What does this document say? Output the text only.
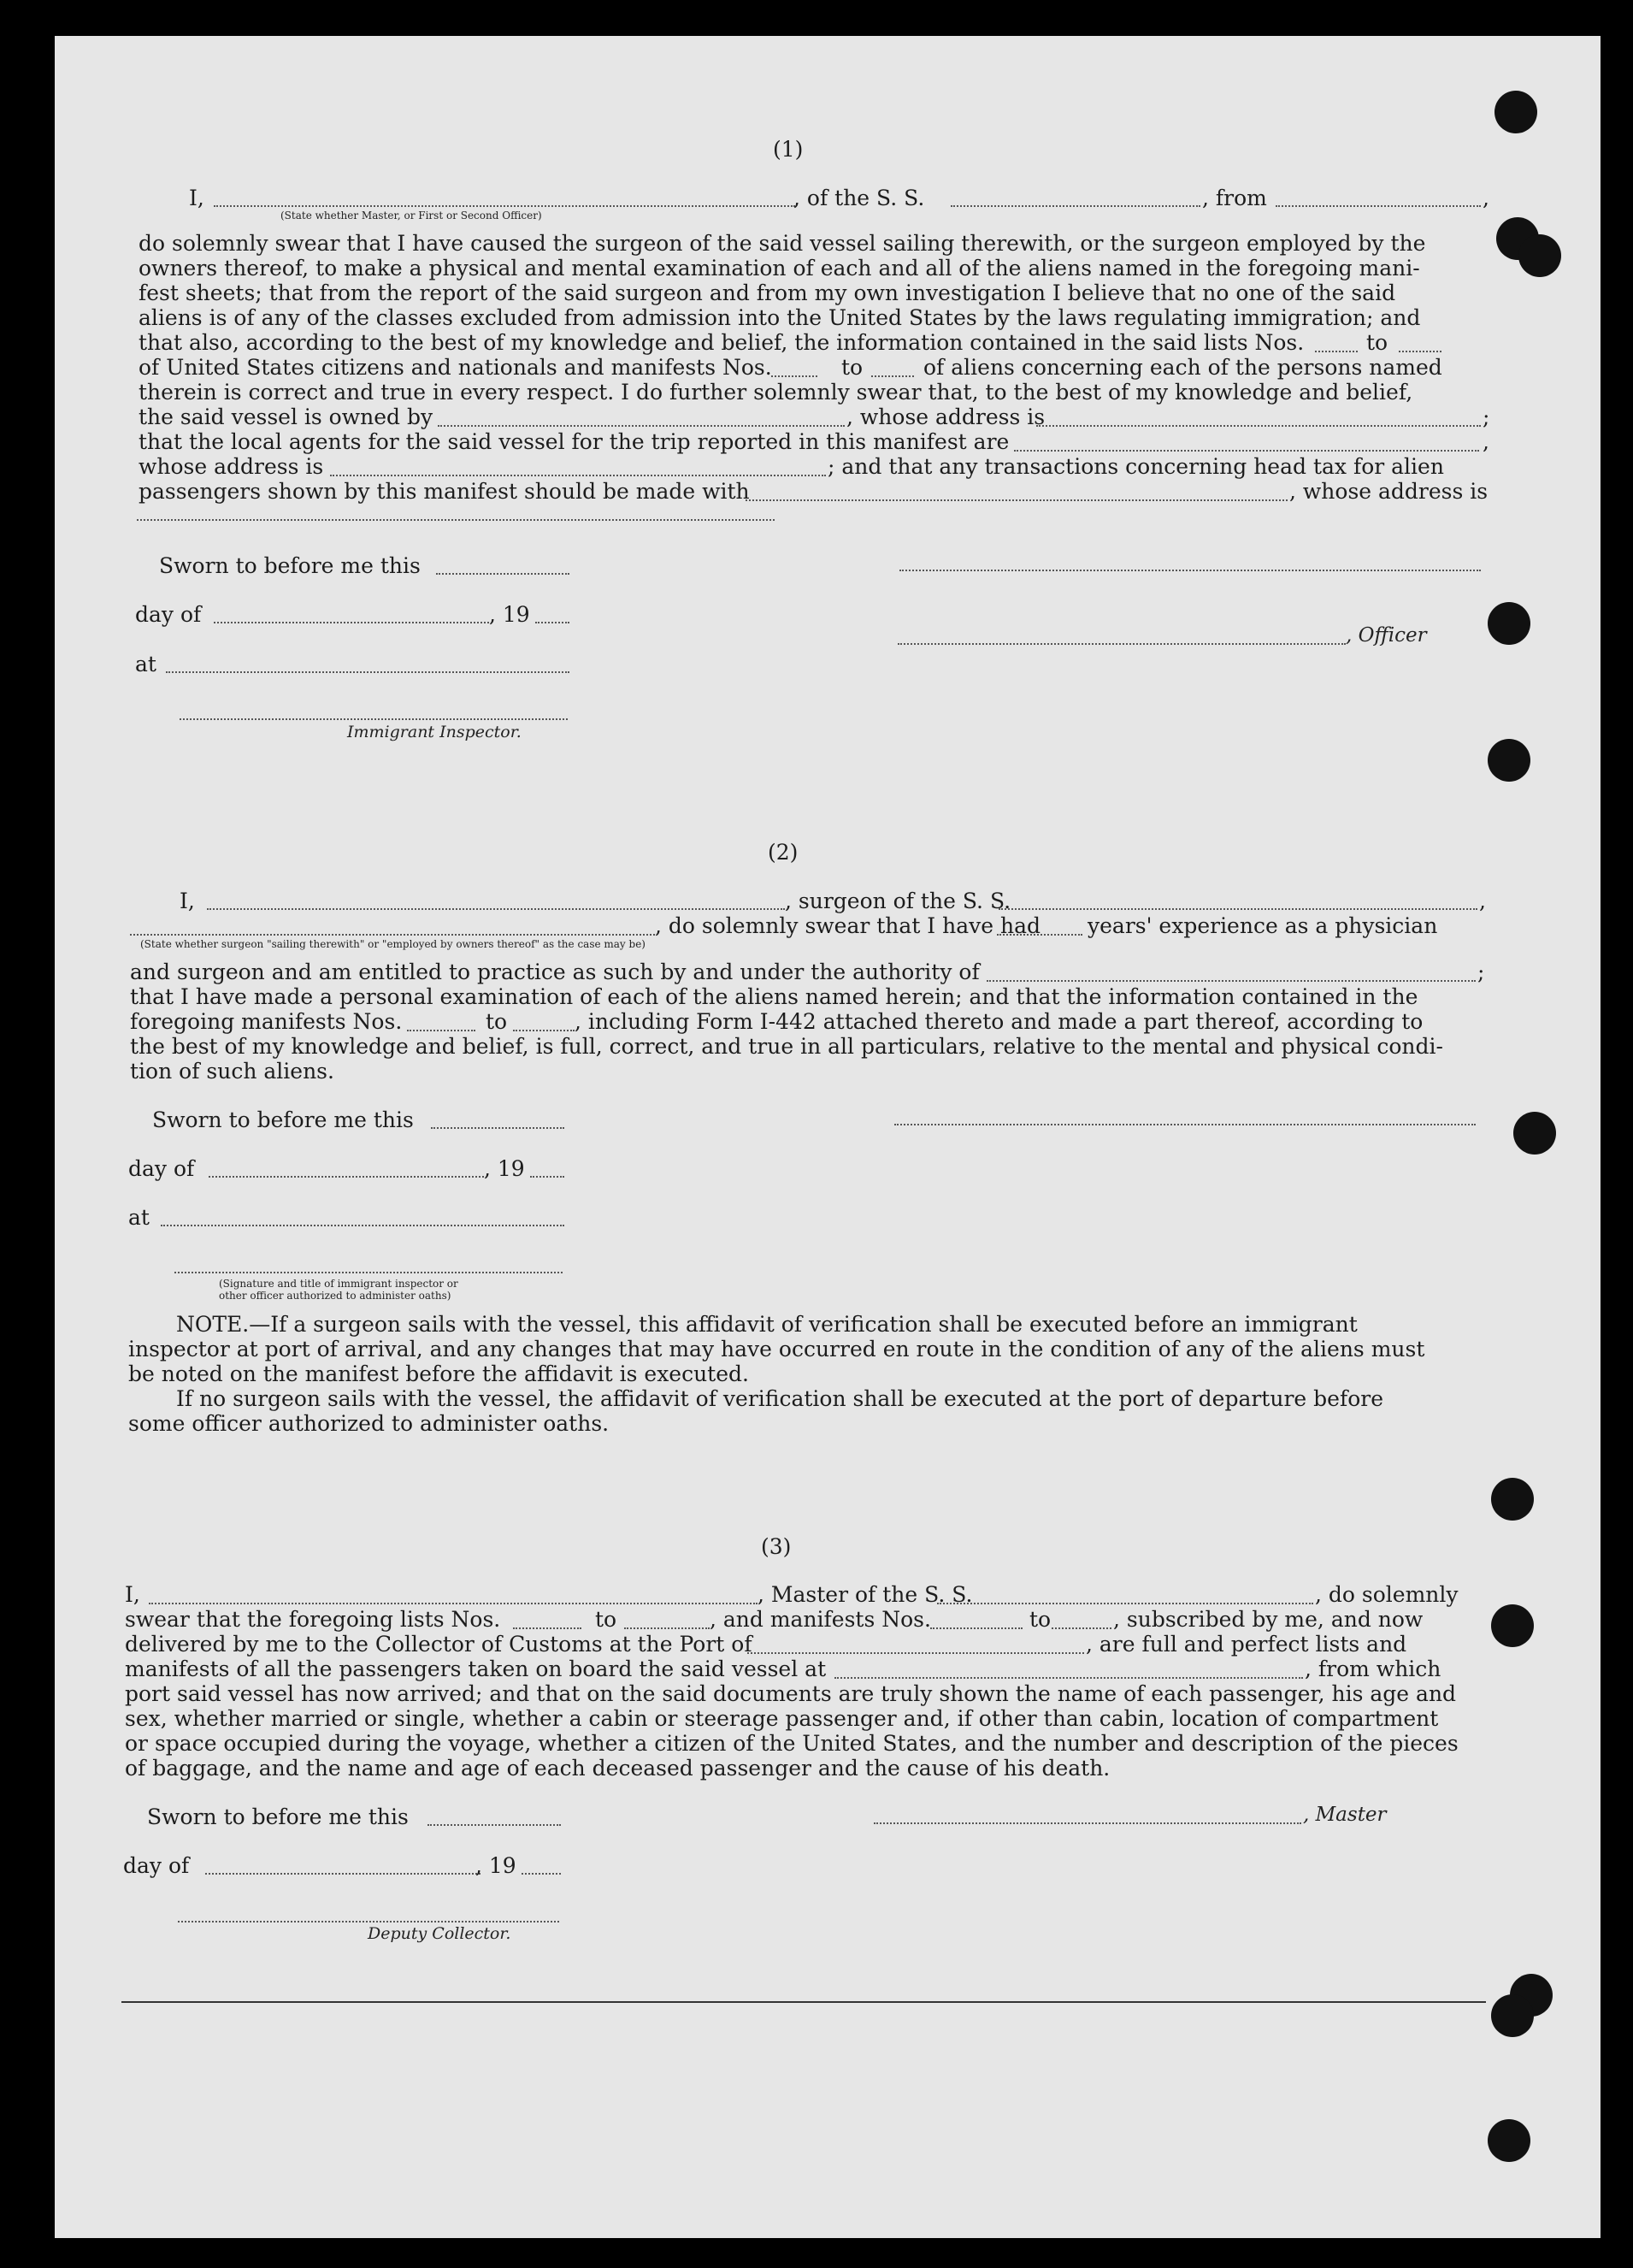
(1)
I,	, of the S. S.	, from	,
(State whether Master, or First or Second Officer)
do solemnly swear that I have caused the surgeon of the said vessel sailing therewith, or the surgeon employed by the
owners thereof, to make a physical and mental examination of each and all of the aliens named in the foregoing mani-
fest sheets; that from the report of the said surgeon and from my own investigation I believe that no one of the said
aliens is of any of the classes excluded from admission into the United States by the laws regulating immigration; and
that also, according to the best of my knowledge and belief, the information contained in the said lists Nos.	to
of United States citizens and nationals and manifests Nos.	to	of aliens concerning each of the persons named
therein is correct and true in every respect. I do further solemnly swear that, to the best of my knowledge and belief,
the said vessel is owned by	, whose address is	;
that the local agents for the said vessel for the trip reported in this manifest are	,
whose address is	; and that any transactions concerning head tax for alien
passengers shown by this manifest should be made with	, whose address is
Sworn to before me this
day of	, 19
, Officer
at
Immigrant Inspector.
(2)
I,	, surgeon of the S. S.	,
, do solemnly swear that I have had years' experience as a physician
(State whether surgeon "sailing therewith" or "employed by owners thereof" as the case may be)
and surgeon and am entitled to practice as such by and under the authority of	;
that I have made a personal examination of each of the aliens named herein; and that the information contained in the
foregoing manifests Nos.	to	, including Form I-442 attached thereto and made a part thereof, according to
the best of my knowledge and belief, is full, correct, and true in all particulars, relative to the mental and physical condi-
tion of such aliens.
Sworn to before me this
day of	, 19
at
(Signature and title of immigrant inspector or
other officer authorized to administer oaths)
NOTE.—If a surgeon sails with the vessel, this affidavit of verification shall be executed before an immigrant
inspector at port of arrival, and any changes that may have occurred en route in the condition of any of the aliens must
be noted on the manifest before the affidavit is executed.
If no surgeon sails with the vessel, the affidavit of verification shall be executed at the port of departure before
some officer authorized to administer oaths.
(3)
I,	, Master of the S. S.	, do solemnly
swear that the foregoing lists Nos.	to	, and manifests Nos.	to	, subscribed by me, and now
delivered by me to the Collector of Customs at the Port of	, are full and perfect lists and
manifests of all the passengers taken on board the said vessel at	, from which
port said vessel has now arrived; and that on the said documents are truly shown the name of each passenger, his age and
sex, whether married or single, whether a cabin or steerage passenger and, if other than cabin, location of compartment
or space occupied during the voyage, whether a citizen of the United States, and the number and description of the pieces
of baggage, and the name and age of each deceased passenger and the cause of his death.
Sworn to before me this	, Master
day of	, 19
Deputy Collector.
